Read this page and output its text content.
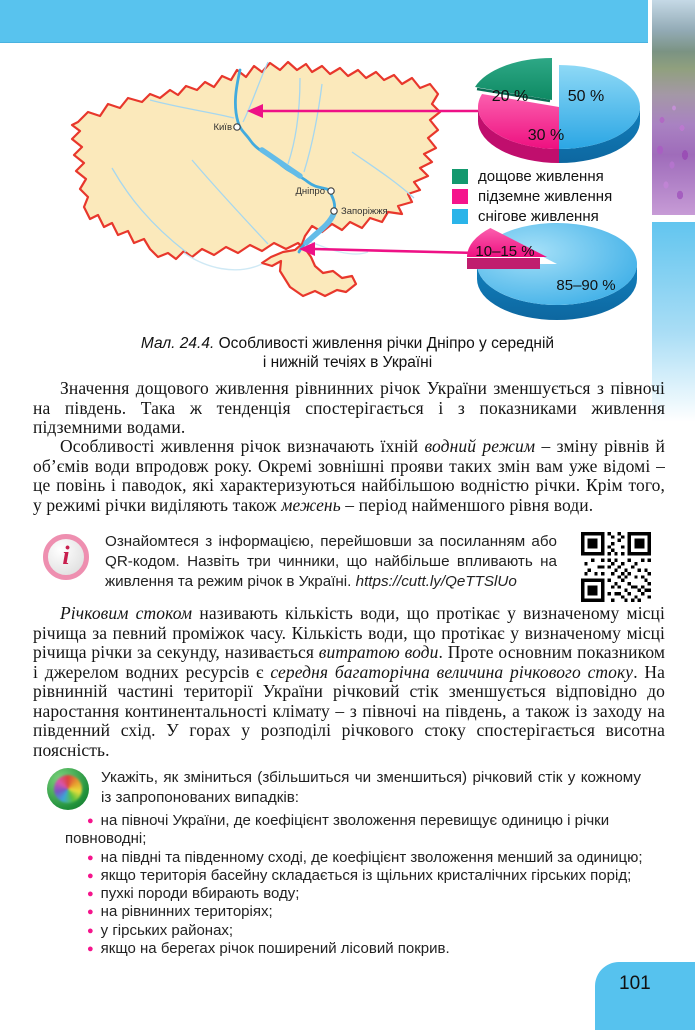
Київ
Дніпро
Запоріжжя
20 % 50 %
30 %
10–15 %
85–90 %
дощове живлення
підземне живлення
снігове живлення
Мал. 24.4. Особливості живлення річки Дніпро у середній
і нижній течіях в Україні

Значення дощового живлення рівнинних річок України зменшується з півночі на південь. Така ж тенденція спостерігається і з показниками живлення підземними водами.

Особливості живлення річок визначають їхній водний режим – зміну рівнів й об’ємів води впродовж року. Окремі зовнішні прояви таких змін вам уже відомі – це повінь і паводок, які характеризуються найбільшою водністю річки. Крім того, у режимі річки виділяють також межень – період найменшого рівня води.

i Ознайомтеся з інформацією, перейшовши за посиланням або QR-кодом. Назвіть три чинники, що найбільше впливають на живлення та режим річок в Україні. https://cutt.ly/QeTTSlUo

Річковим стоком називають кількість води, що протікає у визначеному місці річища за певний проміжок часу. Кількість води, що протікає у визначеному місці річища річки за секунду, називається витратою води. Проте основним показником і джерелом водних ресурсів є середня багаторічна величина річкового стоку. На рівнинній частині території України річковий стік зменшується відповідно до наростання континентальності клімату – з півночі на південь, а також із заходу на південний схід. У горах у розподілі річкового стоку спостерігається висотна поясність.

Укажіть, як зміниться (збільшиться чи зменшиться) річковий стік у кожному із запропонованих випадків:
● на півночі України, де коефіцієнт зволоження перевищує одиницю і річки повноводні;
● на півдні та південному сході, де коефіцієнт зволоження менший за одиницю;
● якщо територія басейну складається із щільних кристалічних гірських порід;
● пухкі породи вбирають воду;
● на рівнинних територіях;
● у гірських районах;
● якщо на берегах річок поширений лісовий покрив.
101
